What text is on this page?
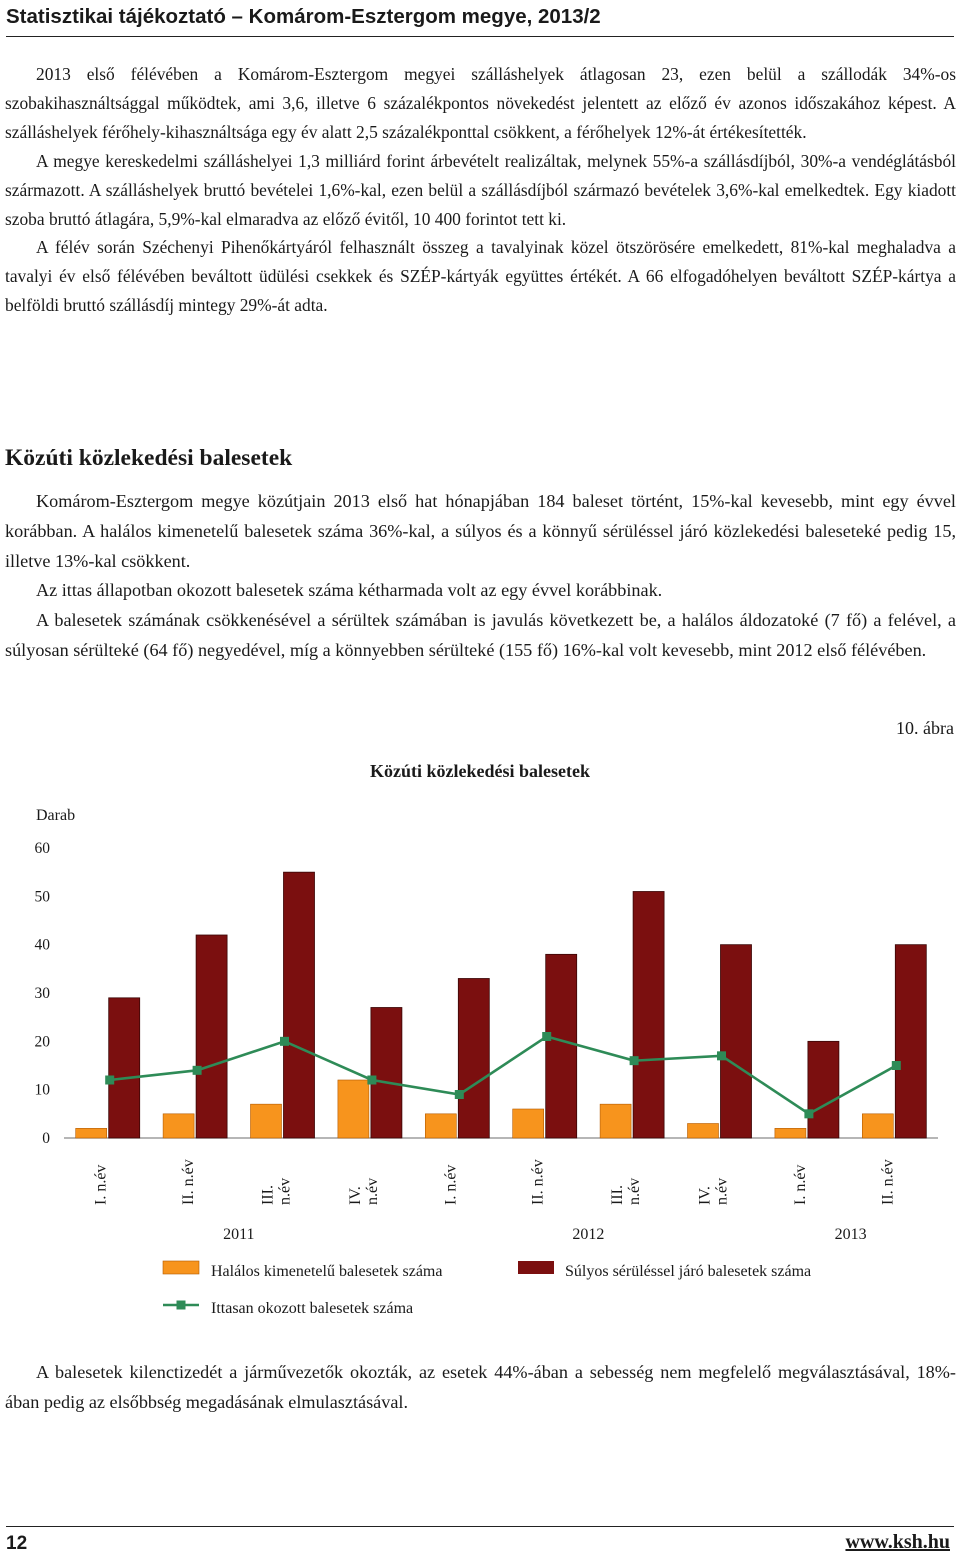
Statisztikai tájékoztató – Komárom-Esztergom megye, 2013/2
2013 első félévében a Komárom-Esztergom megyei szálláshelyek átlagosan 23, ezen belül a szállodák 34%-os szobakihasználtsággal működtek, ami 3,6, illetve 6 százalékpontos növekedést jelentett az előző év azonos időszakához képest. A szálláshelyek férőhely-kihasználtsága egy év alatt 2,5 százalékponttal csökkent, a férőhelyek 12%-át értékesítették.
A megye kereskedelmi szálláshelyei 1,3 milliárd forint árbevételt realizáltak, melynek 55%-a szállásdíjból, 30%-a vendéglátásból származott. A szálláshelyek bruttó bevételei 1,6%-kal, ezen belül a szállásdíjból származó bevételek 3,6%-kal emelkedtek. Egy kiadott szoba bruttó átlagára, 5,9%-kal elmaradva az előző évitől, 10 400 forintot tett ki.
A félév során Széchenyi Pihenőkártyáról felhasznált összeg a tavalyinak közel ötszörösére emelkedett, 81%-kal meghaladva a tavalyi év első félévében beváltott üdülési csekkek és SZÉP-kártyák együttes értékét. A 66 elfogadóhelyen beváltott SZÉP-kártya a belföldi bruttó szállásdíj mintegy 29%-át adta.
Közúti közlekedési balesetek
Komárom-Esztergom megye közútjain 2013 első hat hónapjában 184 baleset történt, 15%-kal kevesebb, mint egy évvel korábban. A halálos kimenetelű balesetek száma 36%-kal, a súlyos és a könnyű sérüléssel járó közlekedési baleseteké pedig 15, illetve 13%-kal csökkent.
Az ittas állapotban okozott balesetek száma kétharmada volt az egy évvel korábbinak.
A balesetek számának csökkenésével a sérültek számában is javulás következett be, a halálos áldozatoké (7 fő) a felével, a súlyosan sérülteké (64 fő) negyedével, míg a könnyebben sérülteké (155 fő) 16%-kal volt kevesebb, mint 2012 első félévében.
10. ábra
Közúti közlekedési balesetek
Darab
0
10
20
30
40
50
60
I. n.év	II. n.év	III. n.év	IV. n.év	I. n.év	II. n.év	III. n.év	IV. n.év	I. n.év	II. n.év
2011	2012	2013
Halálos kimenetelű balesetek száma	Súlyos sérüléssel járó balesetek száma
Ittasan okozott balesetek száma

A balesetek kilenctizedét a járművezetők okozták, az esetek 44%-ában a sebesség nem megfelelő megválasztásával, 18%-ában pedig az elsőbbség megadásának elmulasztásával.

12	www.ksh.hu
